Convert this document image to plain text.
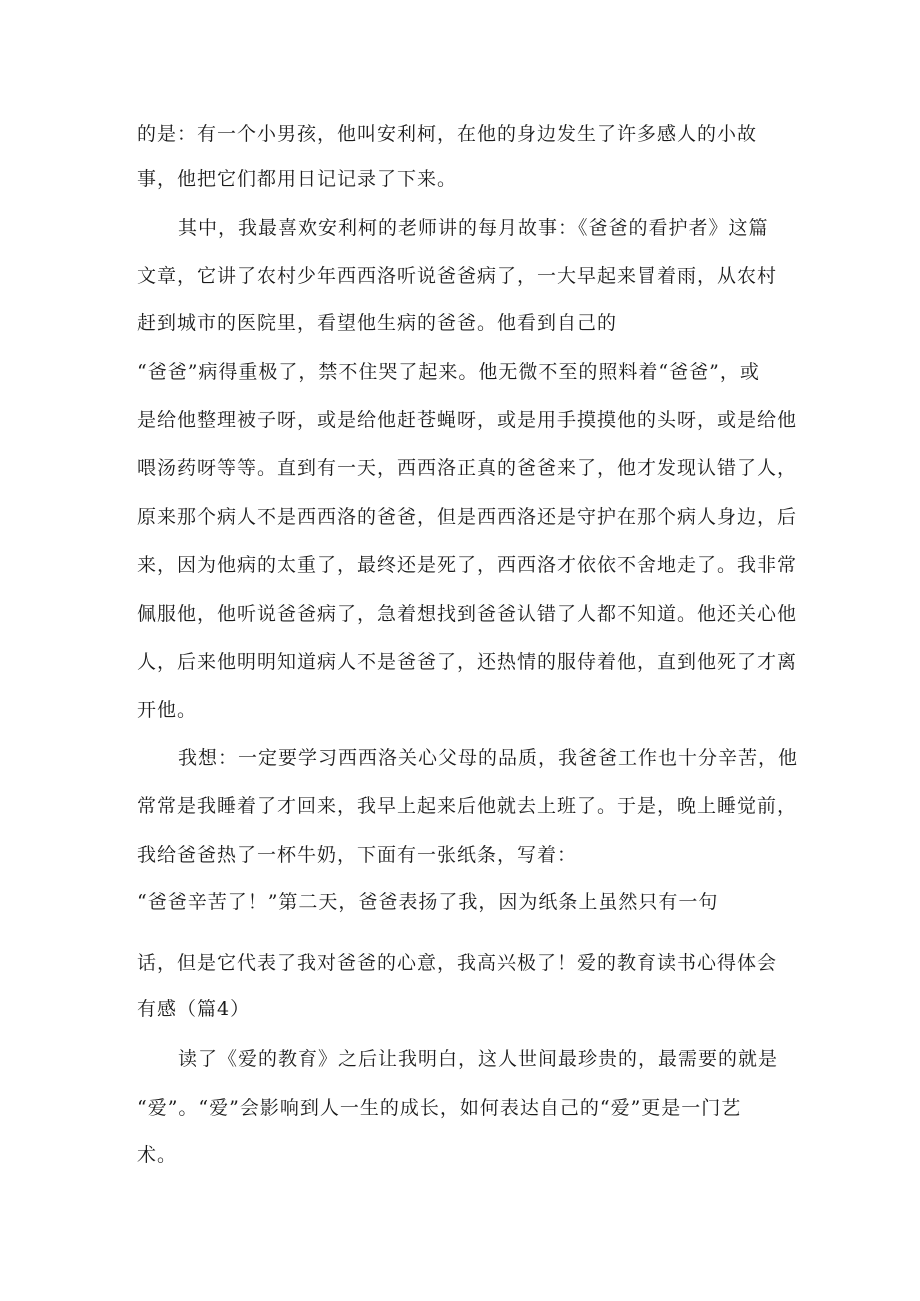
的是：有一个小男孩，他叫安利柯，在他的身边发生了许多感人的小故
事，他把它们都用日记记录了下来。
其中，我最喜欢安利柯的老师讲的每月故事：《爸爸的看护者》这篇
文章，它讲了农村少年西西洛听说爸爸病了，一大早起来冒着雨，从农村
赶到城市的医院里，看望他生病的爸爸。他看到自己的
“爸爸”病得重极了，禁不住哭了起来。他无微不至的照料着“爸爸”，或
是给他整理被子呀，或是给他赶苍蝇呀，或是用手摸摸他的头呀，或是给他
喂汤药呀等等。直到有一天，西西洛正真的爸爸来了，他才发现认错了人，
原来那个病人不是西西洛的爸爸，但是西西洛还是守护在那个病人身边，后
来，因为他病的太重了，最终还是死了，西西洛才依依不舍地走了。我非常
佩服他，他听说爸爸病了，急着想找到爸爸认错了人都不知道。他还关心他
人，后来他明明知道病人不是爸爸了，还热情的服侍着他，直到他死了才离
开他。
我想：一定要学习西西洛关心父母的品质，我爸爸工作也十分辛苦，他
常常是我睡着了才回来，我早上起来后他就去上班了。于是，晚上睡觉前，
我给爸爸热了一杯牛奶，下面有一张纸条，写着：
“爸爸辛苦了！”第二天，爸爸表扬了我，因为纸条上虽然只有一句
话，但是它代表了我对爸爸的心意，我高兴极了！爱的教育读书心得体会
有感（篇4）
读了《爱的教育》之后让我明白，这人世间最珍贵的，最需要的就是
“爱”。“爱”会影响到人一生的成长，如何表达自己的“爱”更是一门艺
术。
